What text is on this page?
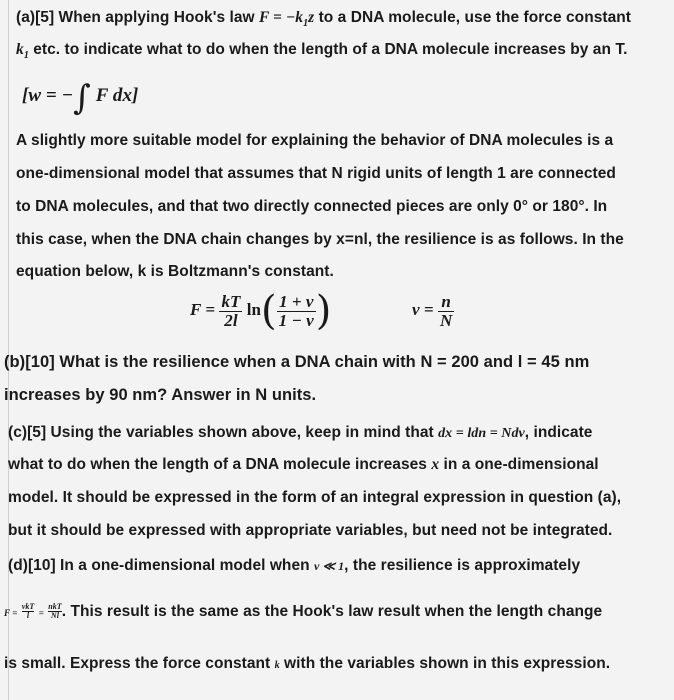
(a)[5] When applying Hook's law $F = -k_1z$ to a DNA molecule, use the force constant
$k_1$ etc. to indicate what to do when the length of a DNA molecule increases by an T.
[w = −∫ F dx]
A slightly more suitable model for explaining the behavior of DNA molecules is a
one-dimensional model that assumes that N rigid units of length 1 are connected
to DNA molecules, and that two directly connected pieces are only 0° or 180°. In
this case, when the DNA chain changes by x=nl, the resilience is as follows. In the
equation below, k is Boltzmann's constant.
$F = \frac{kT}{2l} \ln( \frac{1 + \nu}{1 - \nu}$ )	$\nu = \frac{n}{N}$
(b)[10] What is the resilience when a DNA chain with N = 200 and l = 45 nm
increases by 90 nm? Answer in N units.
(c)[5] Using the variables shown above, keep in mind that dx = ldn = Ndν, indicate
what to do when the length of a DNA molecule increases x in a one-dimensional
model. It should be expressed in the form of an integral expression in question (a),
but it should be expressed with appropriate variables, but need not be integrated.
(d)[10] In a one-dimensional model when ν ≪ 1, the resilience is approximately
$F = \frac{\text{νkT}}{l} = \frac{\text{nkT}}{Nl}$ . This result is the same as the Hook's law result when the length change
is small. Express the force constant k with the variables shown in this expression.
